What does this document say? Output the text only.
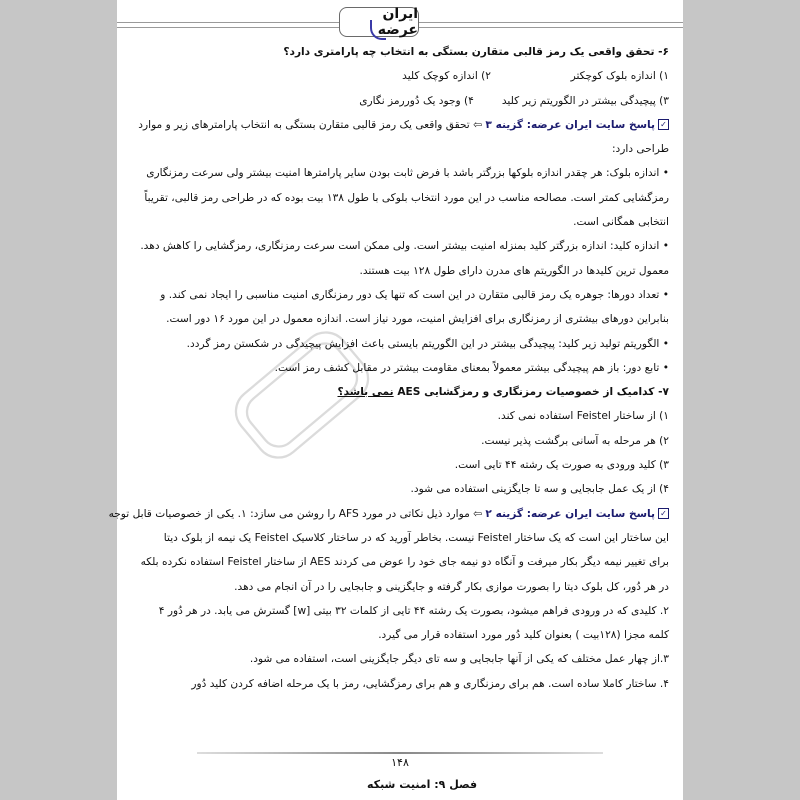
ایران عرضه
۶- تحقق واقعی یک رمز قالبی متقارن بستگی به انتخاب چه پارامتری دارد؟
۱) اندازه بلوک کوچکتر
۲) اندازه کوچک کلید
۳) پیچیدگی بیشتر در الگوریتم زیر کلید
۴) وجود یک دُوررمز نگاری
✓پاسخ سایت ایران عرضه: گزینه ۳ ⇦ تحقق واقعی یک رمز قالبی متقارن بستگی به انتخاب پارامترهای زیر و موارد
طراحی دارد:
• اندازه بلوک: هر چقدر اندازه بلوکها بزرگتر باشد با فرض ثابت بودن سایر پارامترها امنیت بیشتر ولی سرعت رمزنگاری
رمزگشایی کمتر است. مصالحه مناسب در این مورد انتخاب بلوکی با طول ۱۳۸ بیت بوده که در طراحی رمز قالبی، تقریباً
انتخابی همگانی است.
• اندازه کلید: اندازه بزرگتر کلید بمنزله امنیت بیشتر است. ولی ممکن است سرعت رمزنگاری، رمزگشایی را کاهش دهد.
معمول ترین کلیدها در الگوریتم های مدرن دارای طول ۱۲۸ بیت هستند.
• تعداد دورها: جوهره یک رمز قالبی متقارن در این است که تنها یک دور رمزنگاری امنیت مناسبی را ایجاد نمی کند. و
بنابراین دورهای بیشتری از رمزنگاری برای افزایش امنیت، مورد نیاز است. اندازه معمول در این مورد ۱۶ دور است.
• الگوریتم تولید زیر کلید: پیچیدگی بیشتر در این الگوریتم بایستی باعث افزایش پیچیدگی در شکستن رمز گردد.
• تابع دور: باز هم پیچیدگی بیشتر معمولاً بمعنای مقاومت بیشتر در مقابل کشف رمز است.
۷- کدامیک از خصوصیات رمزنگاری و رمزگشایی AES نمی باشد؟
۱) از ساختار Feistel استفاده نمی کند.
۲) هر مرحله به آسانی برگشت پذیر نیست.
۳) کلید ورودی به صورت یک رشته ۴۴ تایی است.
۴) از یک عمل جابجایی و سه تا جایگزینی استفاده می شود.
✓پاسخ سایت ایران عرضه: گزینه ۲ ⇦ موارد ذیل نکاتی در مورد AFS را روشن می سازد: ۱. یکی از خصوصیات قابل توجه
این ساختار این است که یک ساختار Feistel نیست. بخاطر آورید که در ساختار کلاسیک Feistel یک نیمه از بلوک دیتا
برای تغییر نیمه دیگر بکار میرفت و آنگاه دو نیمه جای خود را عوض می کردند AES از ساختار Feistel استفاده نکرده بلکه
در هر دُور، کل بلوک دیتا را بصورت موازی بکار گرفته و جایگزینی و جابجایی را در آن انجام می دهد.
۲. کلیدی که در ورودی فراهم میشود، بصورت یک رشته ۴۴ تایی از کلمات ۳۲ بیتی [w] گسترش می یابد. در هر دُور ۴
کلمه مجزا (۱۲۸بیت ) بعنوان کلید دُور مورد استفاده قرار می گیرد.
۳.از چهار عمل مختلف که یکی از آنها جابجایی و سه تای دیگر جایگزینی است، استفاده می شود.
۴. ساختار کاملا ساده است. هم برای رمزنگاری و هم برای رمزگشایی، رمز با یک مرحله اضافه کردن کلید دُور
۱۴۸
فصل ۹: امنیت شبکه
